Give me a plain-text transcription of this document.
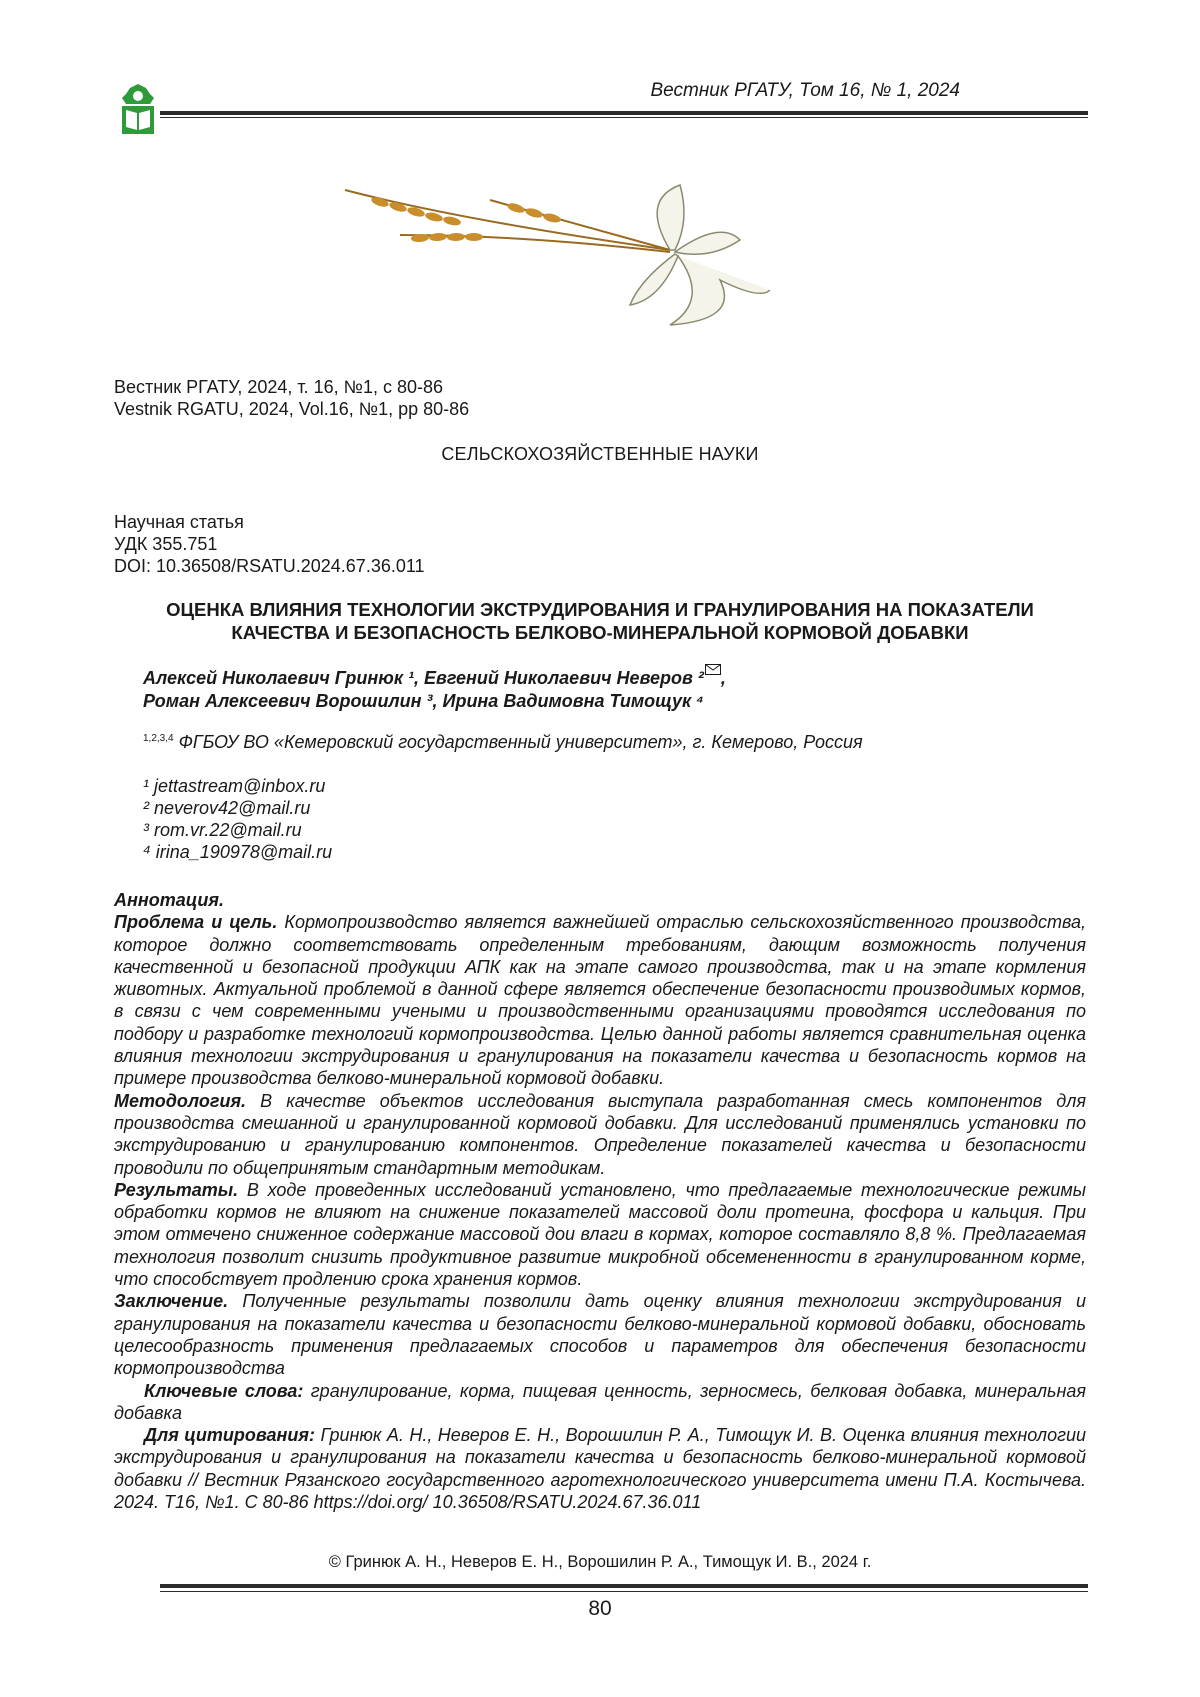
Вестник РГАТУ, Том 16, № 1, 2024
Вестник РГАТУ, 2024, т. 16, №1, с 80-86
Vestnik RGATU, 2024, Vol.16, №1, pp 80-86
СЕЛЬСКОХОЗЯЙСТВЕННЫЕ НАУКИ
Научная статья
УДК 355.751
DOI: 10.36508/RSATU.2024.67.36.011
ОЦЕНКА ВЛИЯНИЯ ТЕХНОЛОГИИ ЭКСТРУДИРОВАНИЯ И ГРАНУЛИРОВАНИЯ НА ПОКАЗАТЕЛИ
КАЧЕСТВА И БЕЗОПАСНОСТЬ БЕЛКОВО-МИНЕРАЛЬНОЙ КОРМОВОЙ ДОБАВКИ
Алексей Николаевич Гринюк ¹, Евгений Николаевич Неверов ² ,
Роман Алексеевич Ворошилин ³, Ирина Вадимовна Тимощук ⁴
$^{1,2,3,4}$ ФГБОУ ВО «Кемеровский государственный университет», г. Кемерово, Россия
¹ jettastream@inbox.ru
² neverov42@mail.ru
³ rom.vr.22@mail.ru
⁴ irina_190978@mail.ru

Аннотация.

Проблема и цель. Кормопроизводство является важнейшей отраслью сельскохозяйственного производства, которое должно соответствовать определенным требованиям, дающим возможность получения качественной и безопасной продукции АПК как на этапе самого производства, так и на этапе кормления животных. Актуальной проблемой в данной сфере является обеспечение безопасности производимых кормов, в связи с чем современными учеными и производственными организациями проводятся исследования по подбору и разработке технологий кормопроизводства. Целью данной работы является сравнительная оценка влияния технологии экструдирования и гранулирования на показатели качества и безопасность кормов на примере производства белково-минеральной кормовой добавки.

Методология. В качестве объектов исследования выступала разработанная смесь компонентов для производства смешанной и гранулированной кормовой добавки. Для исследований применялись установки по экструдированию и гранулированию компонентов. Определение показателей качества и безопасности проводили по общепринятым стандартным методикам.

Результаты. В ходе проведенных исследований установлено, что предлагаемые технологические режимы обработки кормов не влияют на снижение показателей массовой доли протеина, фосфора и кальция. При этом отмечено сниженное содержание массовой дои влаги в кормах, которое составляло 8,8 %. Предлагаемая технология позволит снизить продуктивное развитие микробной обсемененности в гранулированном корме, что способствует продлению срока хранения кормов.

Заключение. Полученные результаты позволили дать оценку влияния технологии экструдирования и гранулирования на показатели качества и безопасности белково-минеральной кормовой добавки, обосновать целесообразность применения предлагаемых способов и параметров для обеспечения безопасности кормопроизводства

Ключевые слова: гранулирование, корма, пищевая ценность, зерносмесь, белковая добавка, минеральная добавка

Для цитирования: Гринюк А. Н., Неверов Е. Н., Ворошилин Р. А., Тимощук И. В. Оценка влияния технологии экструдирования и гранулирования на показатели качества и безопасность белково-минеральной кормовой добавки // Вестник Рязанского государственного агротехнологического университета имени П.А. Костычева. 2024. Т16, №1. С 80-86 https://doi.org/ 10.36508/RSATU.2024.67.36.011

© Гринюк А. Н., Неверов Е. Н., Ворошилин Р. А., Тимощук И. В., 2024 г.
80
